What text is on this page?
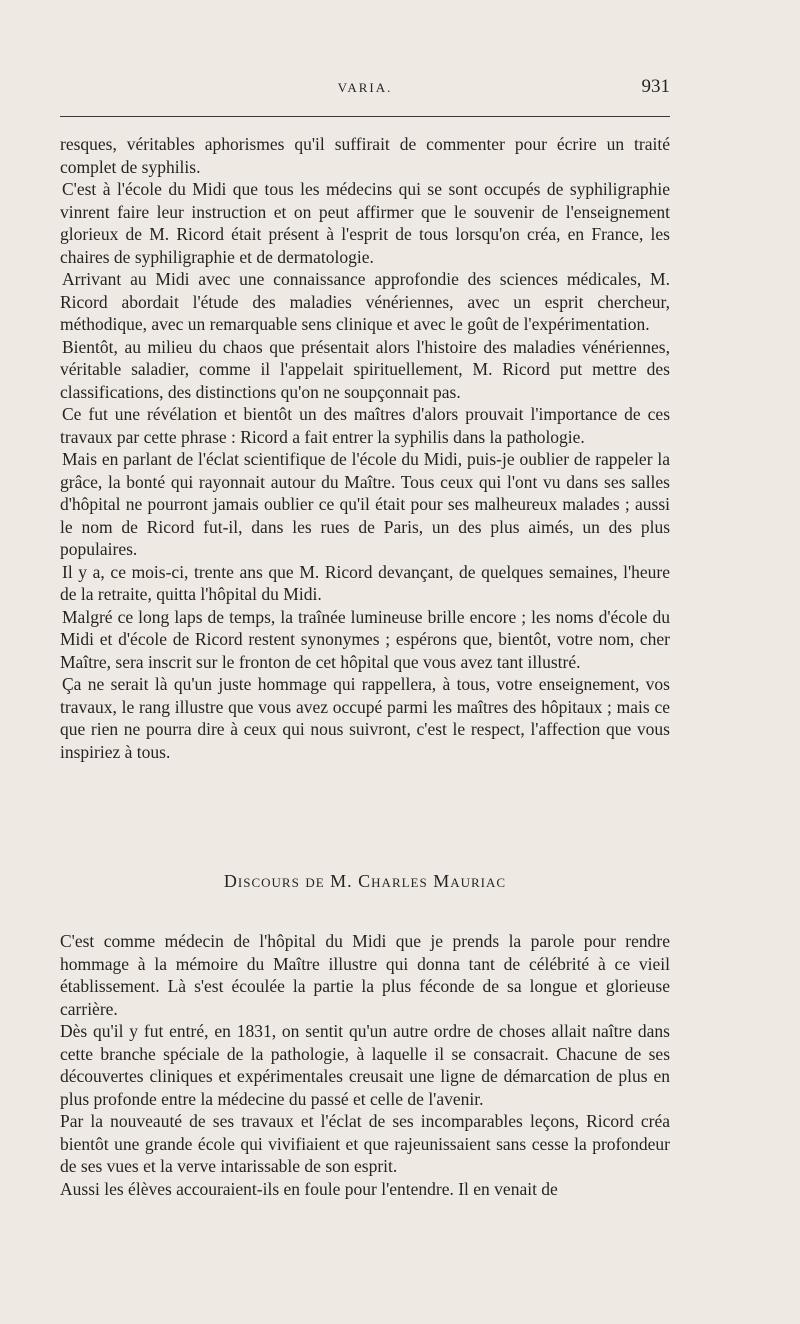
VARIA.	931

resques, véritables aphorismes qu'il suffirait de commenter pour écrire un traité complet de syphilis.

C'est à l'école du Midi que tous les médecins qui se sont occupés de syphiligraphie vinrent faire leur instruction et on peut affirmer que le souvenir de l'enseignement glorieux de M. Ricord était présent à l'esprit de tous lorsqu'on créa, en France, les chaires de syphiligraphie et de dermatologie.

Arrivant au Midi avec une connaissance approfondie des sciences médicales, M. Ricord abordait l'étude des maladies vénériennes, avec un esprit chercheur, méthodique, avec un remarquable sens clinique et avec le goût de l'expérimentation.

Bientôt, au milieu du chaos que présentait alors l'histoire des maladies vénériennes, véritable saladier, comme il l'appelait spirituellement, M. Ricord put mettre des classifications, des distinctions qu'on ne soupçonnait pas.

Ce fut une révélation et bientôt un des maîtres d'alors prouvait l'importance de ces travaux par cette phrase : Ricord a fait entrer la syphilis dans la pathologie.

Mais en parlant de l'éclat scientifique de l'école du Midi, puis-je oublier de rappeler la grâce, la bonté qui rayonnait autour du Maître. Tous ceux qui l'ont vu dans ses salles d'hôpital ne pourront jamais oublier ce qu'il était pour ses malheureux malades ; aussi le nom de Ricord fut-il, dans les rues de Paris, un des plus aimés, un des plus populaires.

Il y a, ce mois-ci, trente ans que M. Ricord devançant, de quelques semaines, l'heure de la retraite, quitta l'hôpital du Midi.

Malgré ce long laps de temps, la traînée lumineuse brille encore ; les noms d'école du Midi et d'école de Ricord restent synonymes ; espérons que, bientôt, votre nom, cher Maître, sera inscrit sur le fronton de cet hôpital que vous avez tant illustré.

Ça ne serait là qu'un juste hommage qui rappellera, à tous, votre enseignement, vos travaux, le rang illustre que vous avez occupé parmi les maîtres des hôpitaux ; mais ce que rien ne pourra dire à ceux qui nous suivront, c'est le respect, l'affection que vous inspiriez à tous.

Discours de M. Charles Mauriac

C'est comme médecin de l'hôpital du Midi que je prends la parole pour rendre hommage à la mémoire du Maître illustre qui donna tant de célébrité à ce vieil établissement. Là s'est écoulée la partie la plus féconde de sa longue et glorieuse carrière.

Dès qu'il y fut entré, en 1831, on sentit qu'un autre ordre de choses allait naître dans cette branche spéciale de la pathologie, à laquelle il se consacrait. Chacune de ses découvertes cliniques et expérimentales creusait une ligne de démarcation de plus en plus profonde entre la médecine du passé et celle de l'avenir.

Par la nouveauté de ses travaux et l'éclat de ses incomparables leçons, Ricord créa bientôt une grande école qui vivifiaient et que rajeunissaient sans cesse la profondeur de ses vues et la verve intarissable de son esprit.

Aussi les élèves accouraient-ils en foule pour l'entendre. Il en venait de
